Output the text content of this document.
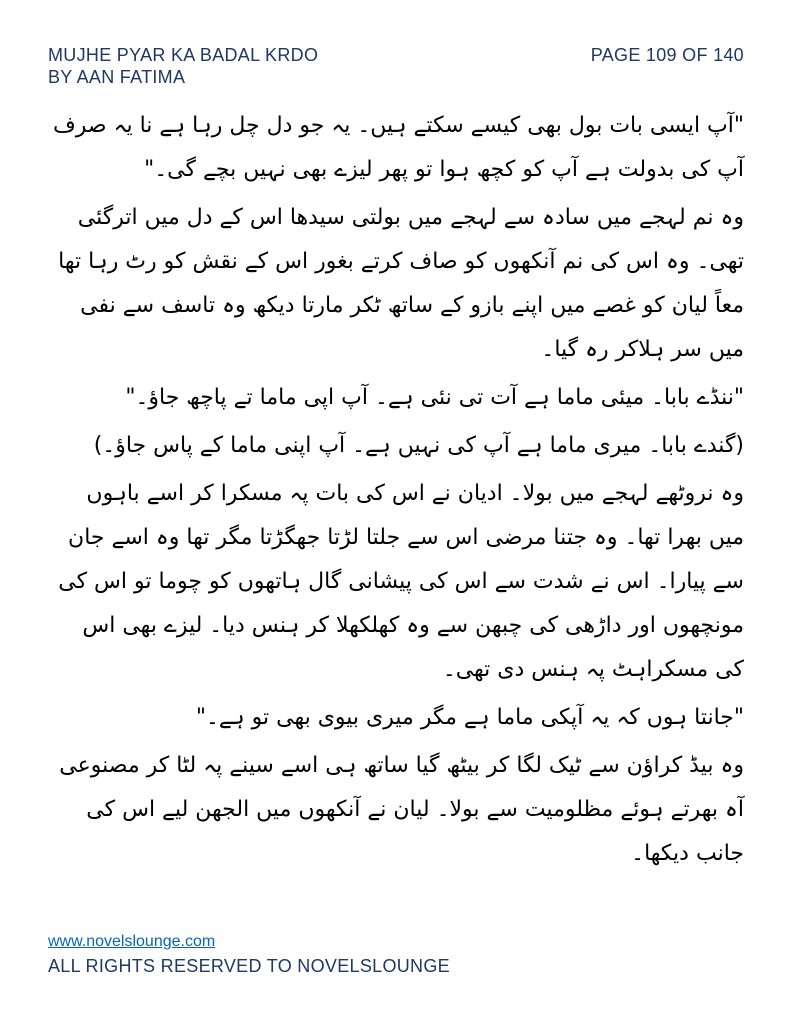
MUJHE PYAR KA BADAL KRDO
BY AAN FATIMA
PAGE 109 OF 140

"آپ ایسی بات بول بھی کیسے سکتے ہیں۔ یہ جو دل چل رہا ہے نا یہ صرف آپ کی بدولت ہے آپ کو کچھ ہوا تو پھر لیزے بھی نہیں بچے گی۔"

وہ نم لہجے میں سادہ سے لہجے میں بولتی سیدھا اس کے دل میں اترگئی تھی۔ وہ اس کی نم آنکھوں کو صاف کرتے بغور اس کے نقش کو رٹ رہا تھا معاً لیان کو غصے میں اپنے بازو کے ساتھ ٹکر مارتا دیکھ وہ تاسف سے نفی میں سر ہلاکر رہ گیا۔

"ننڈے بابا۔ میئی ماما ہے آت تی نئی ہے۔ آپ اپی ماما تے پاچھ جاؤ۔"

(گندے بابا۔ میری ماما ہے آپ کی نہیں ہے۔ آپ اپنی ماما کے پاس جاؤ۔)

وہ نروٹھے لہجے میں بولا۔ ادیان نے اس کی بات پہ مسکرا کر اسے باہوں میں بھرا تھا۔ وہ جتنا مرضی اس سے جلتا لڑتا جھگڑتا مگر تھا وہ اسے جان سے پیارا۔ اس نے شدت سے اس کی پیشانی گال ہاتھوں کو چوما تو اس کی مونچھوں اور داڑھی کی چبھن سے وہ کھلکھلا کر ہنس دیا۔ لیزے بھی اس کی مسکراہٹ پہ ہنس دی تھی۔

"جانتا ہوں کہ یہ آپکی ماما ہے مگر میری بیوی بھی تو ہے۔"

وہ بیڈ کراؤن سے ٹیک لگا کر بیٹھ گیا ساتھ ہی اسے سینے پہ لٹا کر مصنوعی آہ بھرتے ہوئے مظلومیت سے بولا۔ لیان نے آنکھوں میں الجھن لیے اس کی جانب دیکھا۔

www.novelslounge.com
ALL RIGHTS RESERVED TO NOVELSLOUNGE
